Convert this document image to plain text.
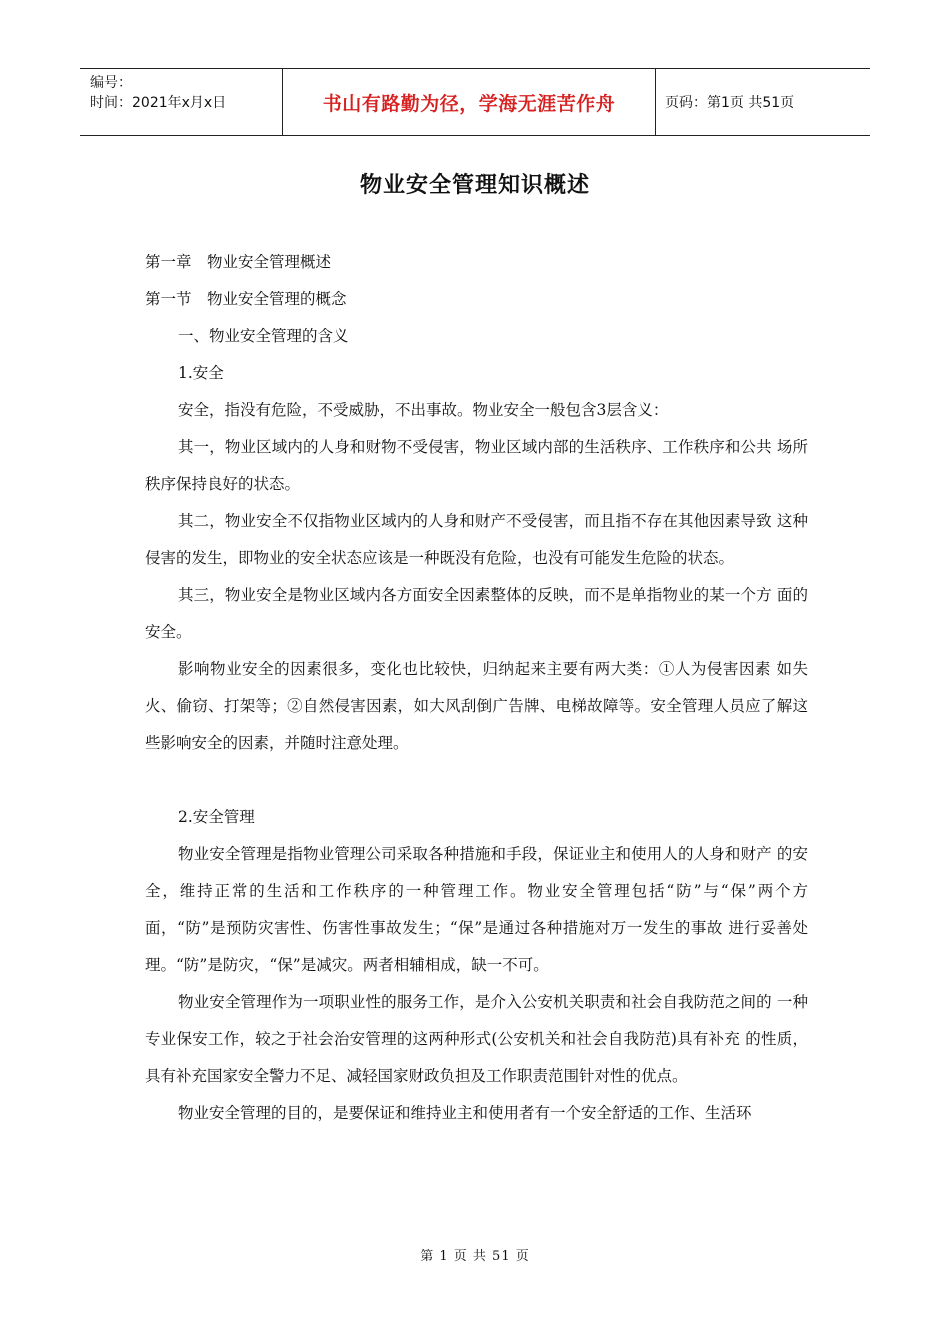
编号：
时间：2021年x月x日	书山有路勤为径，学海无涯苦作舟	页码：第1页 共51页
物业安全管理知识概述

第一章　物业安全管理概述

第一节　物业安全管理的概念

一、物业安全管理的含义

1.安全

安全，指没有危险，不受威胁，不出事故。物业安全一般包含3层含义：

其一，物业区域内的人身和财物不受侵害，物业区域内部的生活秩序、工作秩序和公共 场所秩序保持良好的状态。

其二，物业安全不仅指物业区域内的人身和财产不受侵害，而且指不存在其他因素导致 这种侵害的发生，即物业的安全状态应该是一种既没有危险，也没有可能发生危险的状态。

其三，物业安全是物业区域内各方面安全因素整体的反映，而不是单指物业的某一个方 面的安全。

影响物业安全的因素很多，变化也比较快，归纳起来主要有两大类：①人为侵害因素 如失火、偷窃、打架等；②自然侵害因素，如大风刮倒广告牌、电梯故障等。安全管理人员应了解这些影响安全的因素，并随时注意处理。

2.安全管理

物业安全管理是指物业管理公司采取各种措施和手段，保证业主和使用人的人身和财产 的安全，维持正常的生活和工作秩序的一种管理工作。物业安全管理包括“防”与“保”两个方面，“防”是预防灾害性、伤害性事故发生；“保”是通过各种措施对万一发生的事故 进行妥善处理。“防”是防灾，“保”是减灾。两者相辅相成，缺一不可。

物业安全管理作为一项职业性的服务工作，是介入公安机关职责和社会自我防范之间的 一种专业保安工作，较之于社会治安管理的这两种形式(公安机关和社会自我防范)具有补充 的性质，具有补充国家安全警力不足、减轻国家财政负担及工作职责范围针对性的优点。

物业安全管理的目的，是要保证和维持业主和使用者有一个安全舒适的工作、生活环

第 1 页 共 51 页
